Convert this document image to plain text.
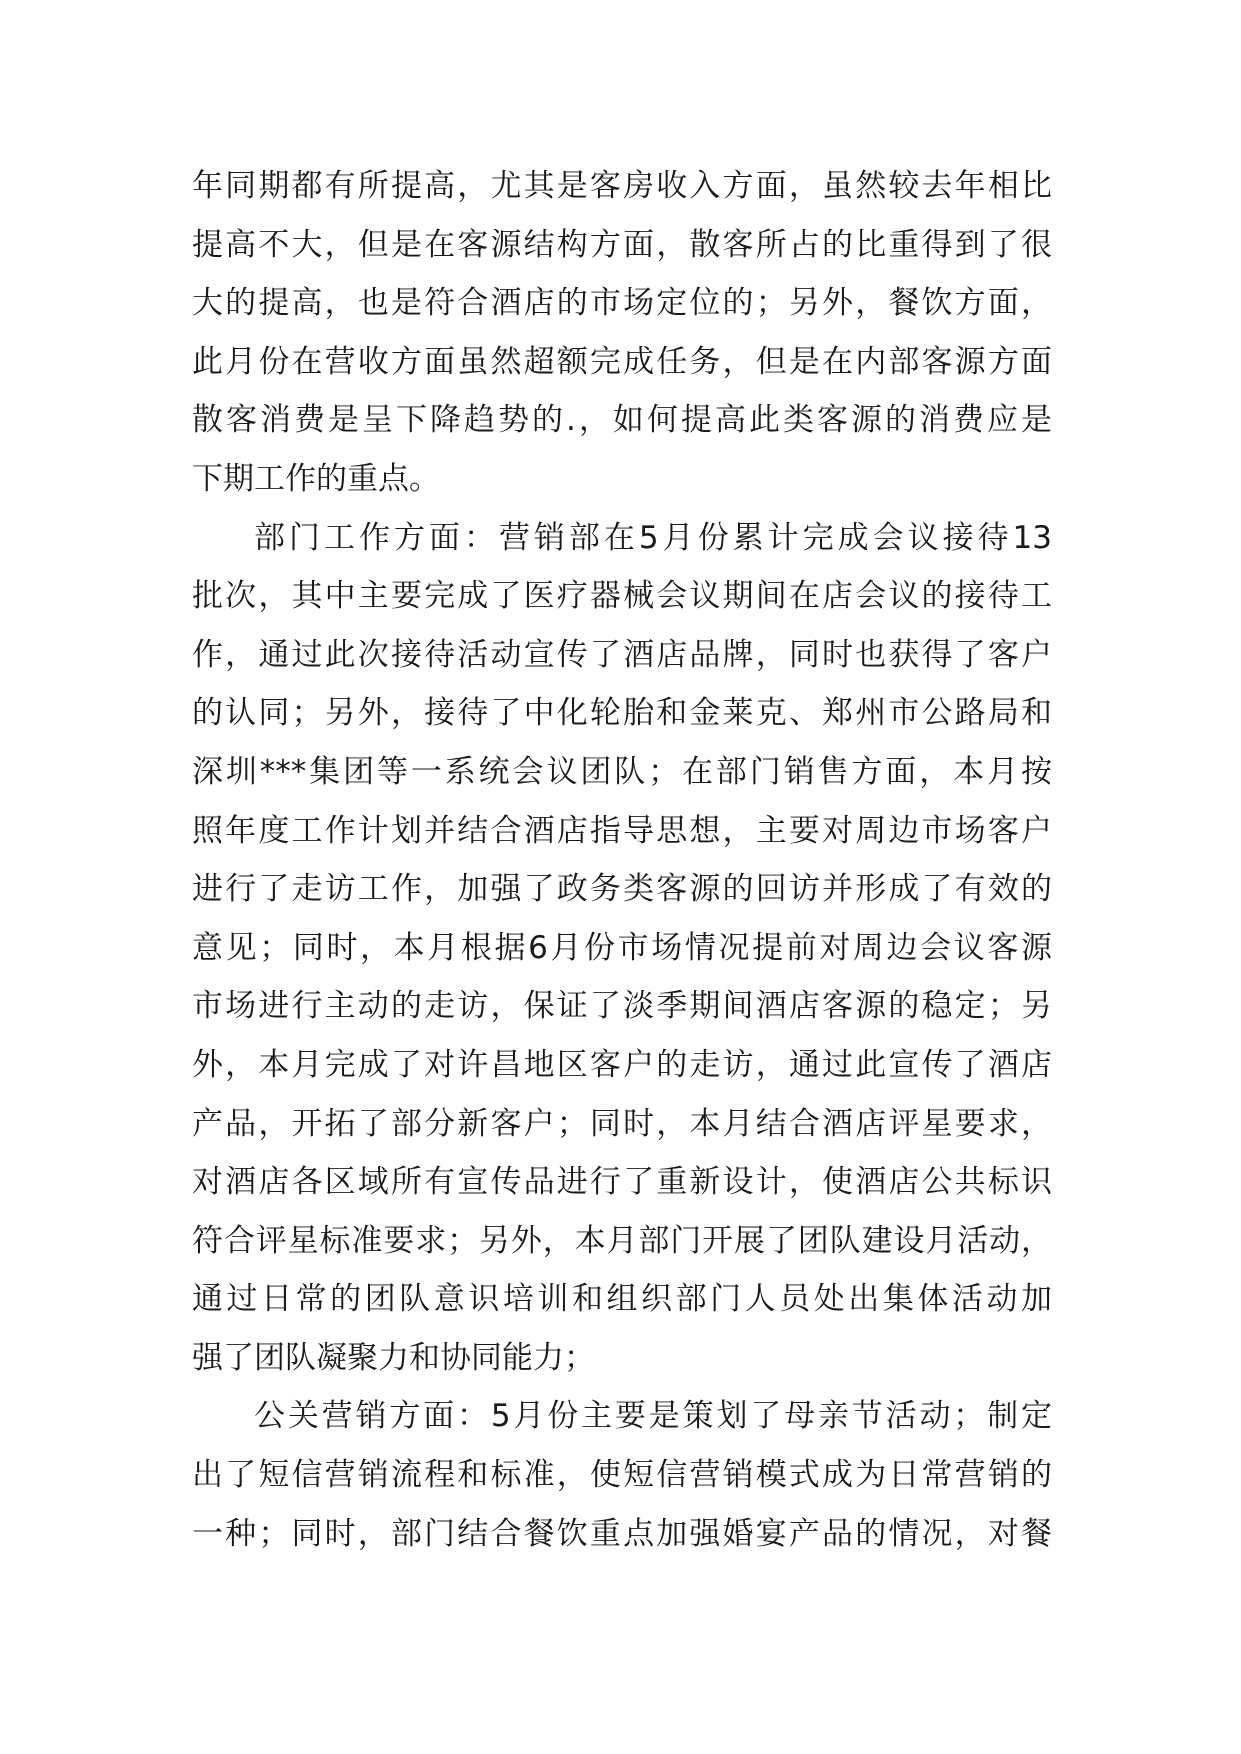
年同期都有所提高，尤其是客房收入方面，虽然较去年相比
提高不大，但是在客源结构方面，散客所占的比重得到了很
大的提高，也是符合酒店的市场定位的；另外，餐饮方面，
此月份在营收方面虽然超额完成任务，但是在内部客源方面
散客消费是呈下降趋势的.，如何提高此类客源的消费应是
下期工作的重点。
部门工作方面：营销部在5月份累计完成会议接待13
批次，其中主要完成了医疗器械会议期间在店会议的接待工
作，通过此次接待活动宣传了酒店品牌，同时也获得了客户
的认同；另外，接待了中化轮胎和金莱克、郑州市公路局和
深圳***集团等一系统会议团队；在部门销售方面，本月按
照年度工作计划并结合酒店指导思想，主要对周边市场客户
进行了走访工作，加强了政务类客源的回访并形成了有效的
意见；同时，本月根据6月份市场情况提前对周边会议客源
市场进行主动的走访，保证了淡季期间酒店客源的稳定；另
外，本月完成了对许昌地区客户的走访，通过此宣传了酒店
产品，开拓了部分新客户；同时，本月结合酒店评星要求，
对酒店各区域所有宣传品进行了重新设计，使酒店公共标识
符合评星标准要求；另外，本月部门开展了团队建设月活动，
通过日常的团队意识培训和组织部门人员处出集体活动加
强了团队凝聚力和协同能力；
公关营销方面：5月份主要是策划了母亲节活动；制定
出了短信营销流程和标准，使短信营销模式成为日常营销的
一种；同时，部门结合餐饮重点加强婚宴产品的情况，对餐
